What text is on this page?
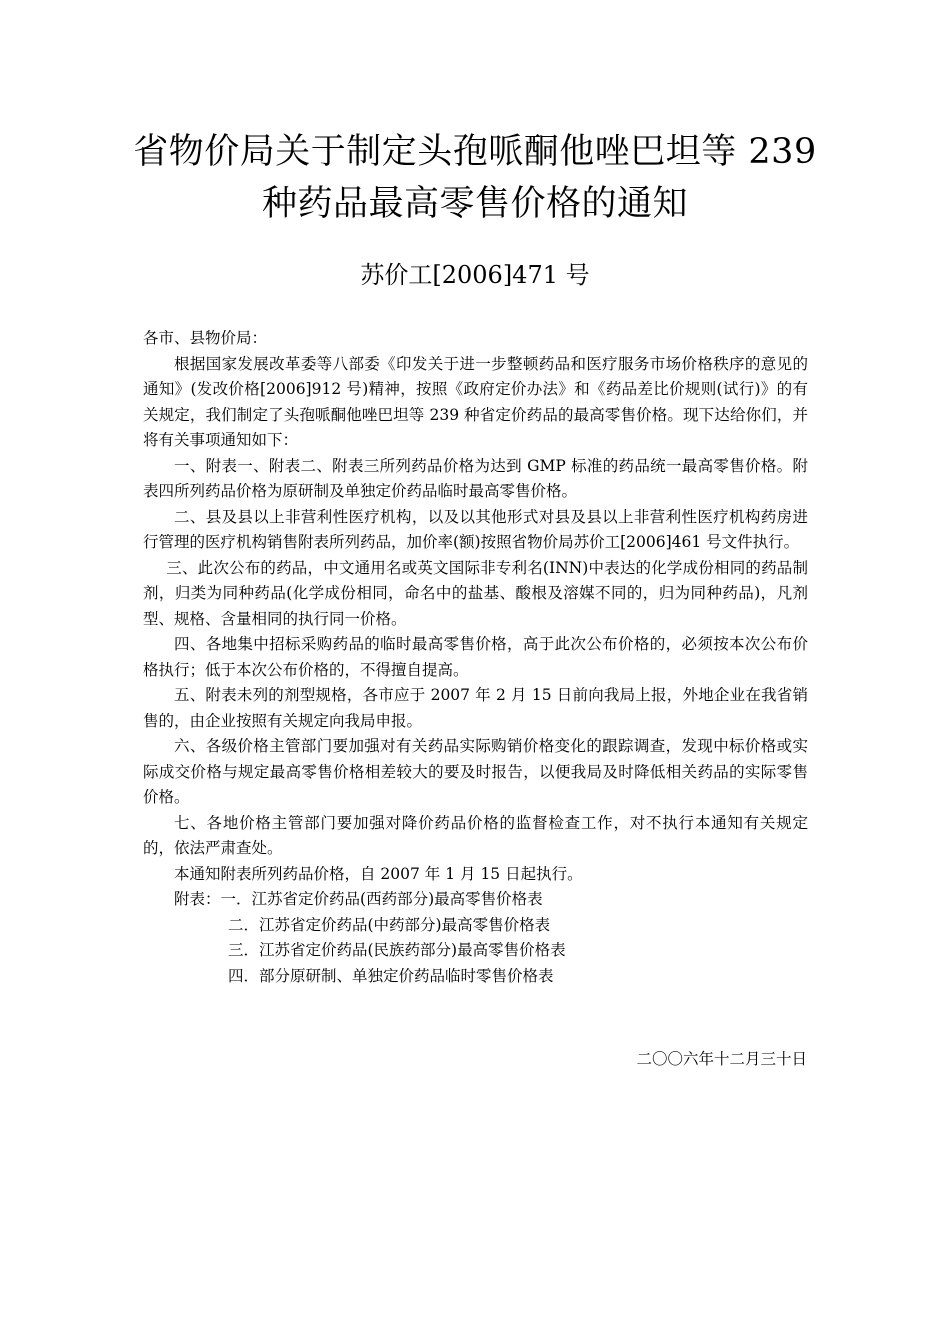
省物价局关于制定头孢哌酮他唑巴坦等 239
种药品最高零售价格的通知
苏价工[2006]471 号

各市、县物价局：

根据国家发展改革委等八部委《印发关于进一步整顿药品和医疗服务市场价格秩序的意见的通知》(发改价格[2006]912 号)精神，按照《政府定价办法》和《药品差比价规则(试行)》的有关规定，我们制定了头孢哌酮他唑巴坦等 239 种省定价药品的最高零售价格。现下达给你们，并将有关事项通知如下：

一、附表一、附表二、附表三所列药品价格为达到 GMP 标准的药品统一最高零售价格。附表四所列药品价格为原研制及单独定价药品临时最高零售价格。

二、县及县以上非营利性医疗机构，以及以其他形式对县及县以上非营利性医疗机构药房进行管理的医疗机构销售附表所列药品，加价率(额)按照省物价局苏价工[2006]461 号文件执行。

三、此次公布的药品，中文通用名或英文国际非专利名(INN)中表达的化学成份相同的药品制剂，归类为同种药品(化学成份相同，命名中的盐基、酸根及溶媒不同的，归为同种药品)，凡剂型、规格、含量相同的执行同一价格。

四、各地集中招标采购药品的临时最高零售价格，高于此次公布价格的，必须按本次公布价格执行；低于本次公布价格的，不得擅自提高。

五、附表未列的剂型规格，各市应于 2007 年 2 月 15 日前向我局上报，外地企业在我省销售的，由企业按照有关规定向我局申报。

六、各级价格主管部门要加强对有关药品实际购销价格变化的跟踪调查，发现中标价格或实际成交价格与规定最高零售价格相差较大的要及时报告，以便我局及时降低相关药品的实际零售价格。

七、各地价格主管部门要加强对降价药品价格的监督检查工作，对不执行本通知有关规定的，依法严肃查处。

本通知附表所列药品价格，自 2007 年 1 月 15 日起执行。

附表：一．江苏省定价药品(西药部分)最高零售价格表

二．江苏省定价药品(中药部分)最高零售价格表

三．江苏省定价药品(民族药部分)最高零售价格表

四．部分原研制、单独定价药品临时零售价格表

二〇〇六年十二月三十日
